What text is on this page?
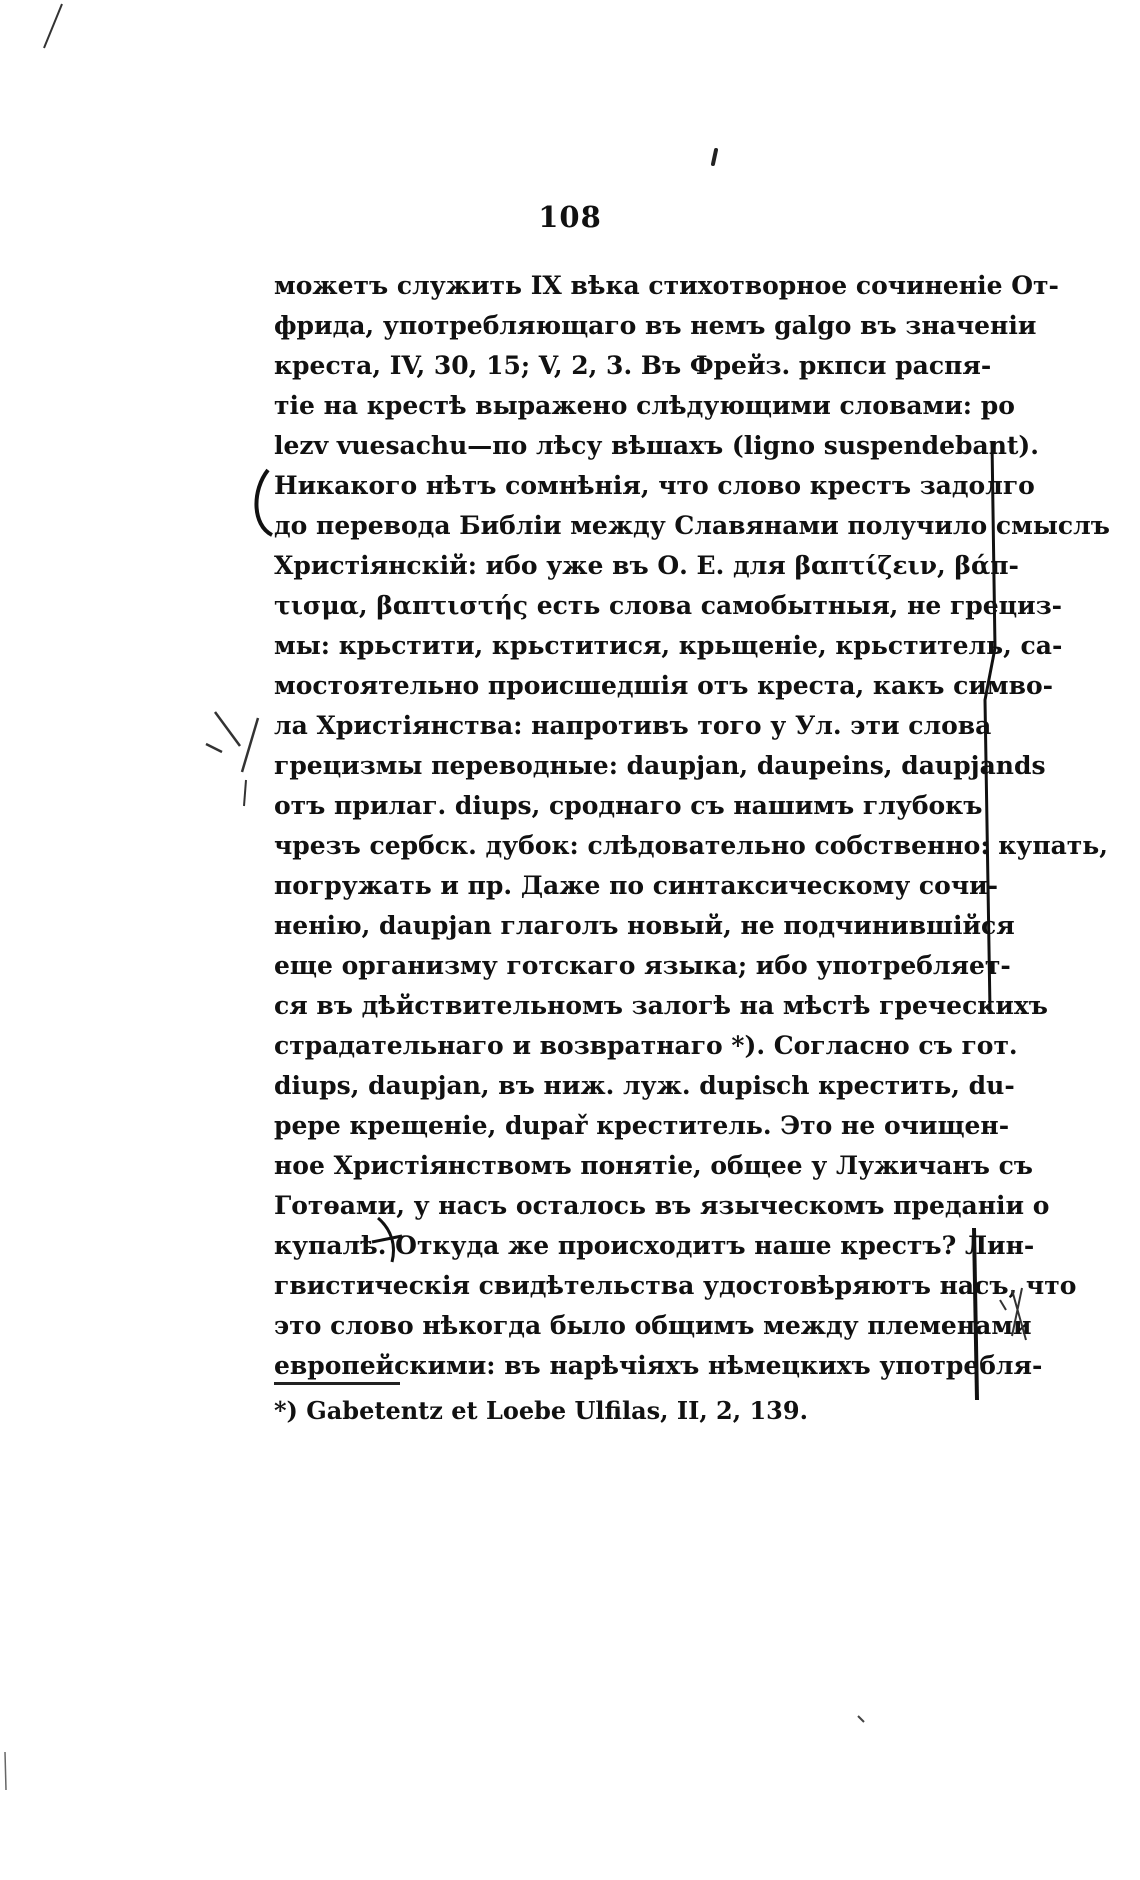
108
можетъ служить IX вѣка стихотворное сочиненіе От-
фрида, употребляющаго въ немъ galgo въ значеніи
креста, IV, 30, 15; V, 2, 3. Въ Фрейз. ркпси распя-
тіе на крестѣ выражено слѣдующими словами: ро
lezv vuesachu—по лѣсу вѣшахъ (ligno suspendebant).
Никакого нѣтъ сомнѣнія, что слово крестъ задолго
до перевода Библіи между Славянами получило смыслъ
Христіянскій: ибо уже въ О. Е. для βαπτίζειν, βάπ-
τισμα, βαπτιστής есть слова самобытныя, не грециз-
мы: крьстити, крьститися, крьщеніе, крьститель, са-
мостоятельно происшедшія отъ креста, какъ симво-
ла Христіянства: напротивъ того у Ул. эти слова
грецизмы переводные: daupjan, daupeins, daupjands
отъ прилаг. diups, сроднаго съ нашимъ глубокъ
чрезъ сербск. дубок: слѣдовательно собственно: купать,
погружать и пр. Даже по синтаксическому сочи-
ненію, daupjan глаголъ новый, не подчинившійся
еще организму готскаго языка; ибо употребляет-
ся въ дѣйствительномъ залогѣ на мѣстѣ греческихъ
страдательнаго и возвратнаго *). Согласно съ гот.
diups, daupjan, въ ниж. луж. dupisch крестить, du-
pepe крещеніе, dupař креститель. Это не очищен-
ное Христіянствомъ понятіе, общее у Лужичанъ съ
Готѳами, у насъ осталось въ языческомъ преданіи о
купалѣ. Откуда же происходитъ наше крестъ? Лин-
гвистическія свидѣтельства удостовѣряютъ насъ, что
это слово нѣкогда было общимъ между племенами
европейскими: въ нарѣчіяхъ нѣмецкихъ употребля-
*) Gabetentz et Loebe Ulfilas, II, 2, 139.
